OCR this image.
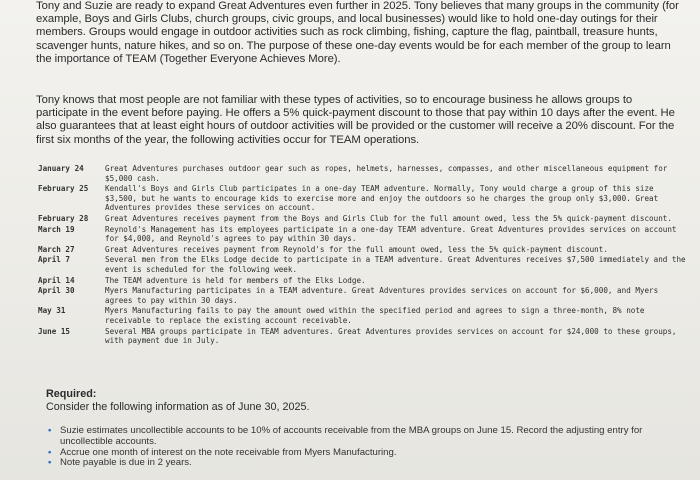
Tony and Suzie are ready to expand Great Adventures even further in 2025. Tony believes that many groups in the community (for example, Boys and Girls Clubs, church groups, civic groups, and local businesses) would like to hold one-day outings for their members. Groups would engage in outdoor activities such as rock climbing, fishing, capture the flag, paintball, treasure hunts, scavenger hunts, nature hikes, and so on. The purpose of these one-day events would be for each member of the group to learn the importance of TEAM (Together Everyone Achieves More).
Tony knows that most people are not familiar with these types of activities, so to encourage business he allows groups to participate in the event before paying. He offers a 5% quick-payment discount to those that pay within 10 days after the event. He also guarantees that at least eight hours of outdoor activities will be provided or the customer will receive a 20% discount. For the first six months of the year, the following activities occur for TEAM operations.
January 24	Great Adventures purchases outdoor gear such as ropes, helmets, harnesses, compasses, and other miscellaneous equipment for $5,000 cash.
February 25	Kendall's Boys and Girls Club participates in a one-day TEAM adventure. Normally, Tony would charge a group of this size $3,500, but he wants to encourage kids to exercise more and enjoy the outdoors so he charges the group only $3,000. Great Adventures provides these services on account.
February 28	Great Adventures receives payment from the Boys and Girls Club for the full amount owed, less the 5% quick-payment discount.
March 19	Reynold's Management has its employees participate in a one-day TEAM adventure. Great Adventures provides services on account for $4,000, and Reynold's agrees to pay within 30 days.
March 27	Great Adventures receives payment from Reynold's for the full amount owed, less the 5% quick-payment discount.
April 7	Several men from the Elks Lodge decide to participate in a TEAM adventure. Great Adventures receives $7,500 immediately and the event is scheduled for the following week.
April 14	The TEAM adventure is held for members of the Elks Lodge.
April 30	Myers Manufacturing participates in a TEAM adventure. Great Adventures provides services on account for $6,000, and Myers agrees to pay within 30 days.
May 31	Myers Manufacturing fails to pay the amount owed within the specified period and agrees to sign a three-month, 8% note receivable to replace the existing account receivable.
June 15	Several MBA groups participate in TEAM adventures. Great Adventures provides services on account for $24,000 to these groups, with payment due in July.
Required:
Consider the following information as of June 30, 2025.
• Suzie estimates uncollectible accounts to be 10% of accounts receivable from the MBA groups on June 15. Record the adjusting entry for uncollectible accounts.
• Accrue one month of interest on the note receivable from Myers Manufacturing.
• Note payable is due in 2 years.
